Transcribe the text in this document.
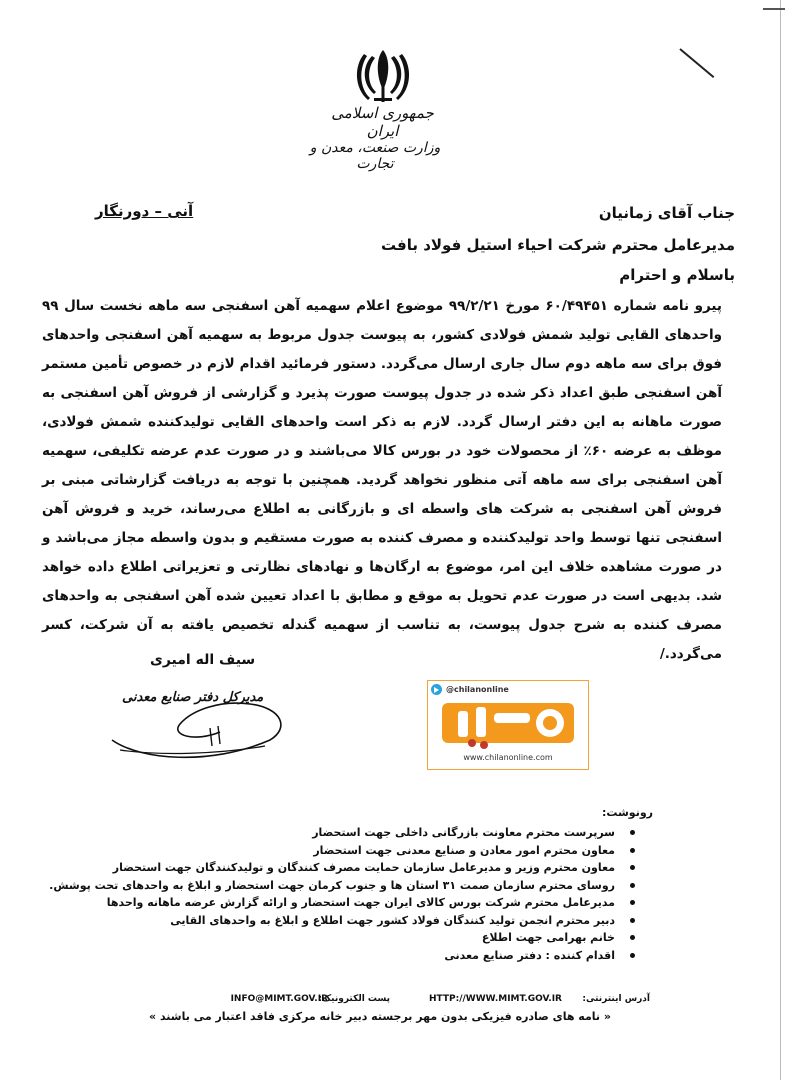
جمهوری اسلامی ایران
وزارت صنعت، معدن و تجارت
جناب آقای زمانیان
آنی – دورنگار
مدیرعامل محترم شرکت احیاء استیل فولاد بافت
باسلام و احترام
پیرو نامه شماره ۶۰/۴۹۴۵۱ مورخ ۹۹/۲/۲۱ موضوع اعلام سهمیه آهن اسفنجی سه ماهه نخست سال ۹۹ واحدهای القایی تولید شمش فولادی کشور، به پیوست جدول مربوط به سهمیه آهن اسفنجی واحدهای فوق برای سه ماهه دوم سال جاری ارسال می‌گردد. دستور فرمائید اقدام لازم در خصوص تأمین مستمر آهن اسفنجی طبق اعداد ذکر شده در جدول پیوست صورت پذیرد و گزارشی از فروش آهن اسفنجی به صورت ماهانه به این دفتر ارسال گردد. لازم به ذکر است واحدهای القایی تولیدکننده شمش فولادی، موظف به عرضه ۶۰٪ از محصولات خود در بورس کالا می‌باشند و در صورت عدم عرضه تکلیفی، سهمیه آهن اسفنجی برای سه ماهه آتی منظور نخواهد گردید. همچنین با توجه به دریافت گزارشاتی مبنی بر فروش آهن اسفنجی به شرکت های واسطه ای و بازرگانی به اطلاع می‌رساند، خرید و فروش آهن اسفنجی تنها توسط واحد تولیدکننده و مصرف کننده به صورت مستقیم و بدون واسطه مجاز می‌باشد و در صورت مشاهده خلاف این امر، موضوع به ارگان‌ها و نهادهای نظارتی و تعزیراتی اطلاع داده خواهد شد. بدیهی است در صورت عدم تحویل به موقع و مطابق با اعداد تعیین شده آهن اسفنجی به واحدهای مصرف کننده به شرح جدول پیوست، به تناسب از سهمیه گندله تخصیص یافته به آن شرکت، کسر می‌گردد./
سیف اله امیری
مدیرکل دفتر صنایع معدنی
@chilanonline
www.chilanonline.com
رونوشت:
سرپرست محترم معاونت بازرگانی داخلی جهت استحضار
معاون محترم امور معادن و صنایع معدنی جهت استحضار
معاون محترم وزیر و مدیرعامل سازمان حمایت مصرف کنندگان و تولیدکنندگان جهت استحضار
روسای محترم سازمان صمت ۳۱ استان ها و جنوب کرمان جهت استحضار و ابلاغ به واحدهای تحت پوشش.
مدیرعامل محترم شرکت بورس کالای ایران جهت استحضار و ارائه گزارش عرضه ماهانه واحدها
دبیر محترم انجمن تولید کنندگان فولاد کشور جهت اطلاع و ابلاغ به واحدهای القایی
خانم بهرامی جهت اطلاع
اقدام کننده : دفتر صنایع معدنی
آدرس اینترنتی:
HTTP://WWW.MIMT.GOV.IR
پست الکترونیک:
INFO@MIMT.GOV.IR
« نامه های صادره فیزیکی بدون مهر برجسته دبیر خانه مرکزی فاقد اعتبار می باشند »
